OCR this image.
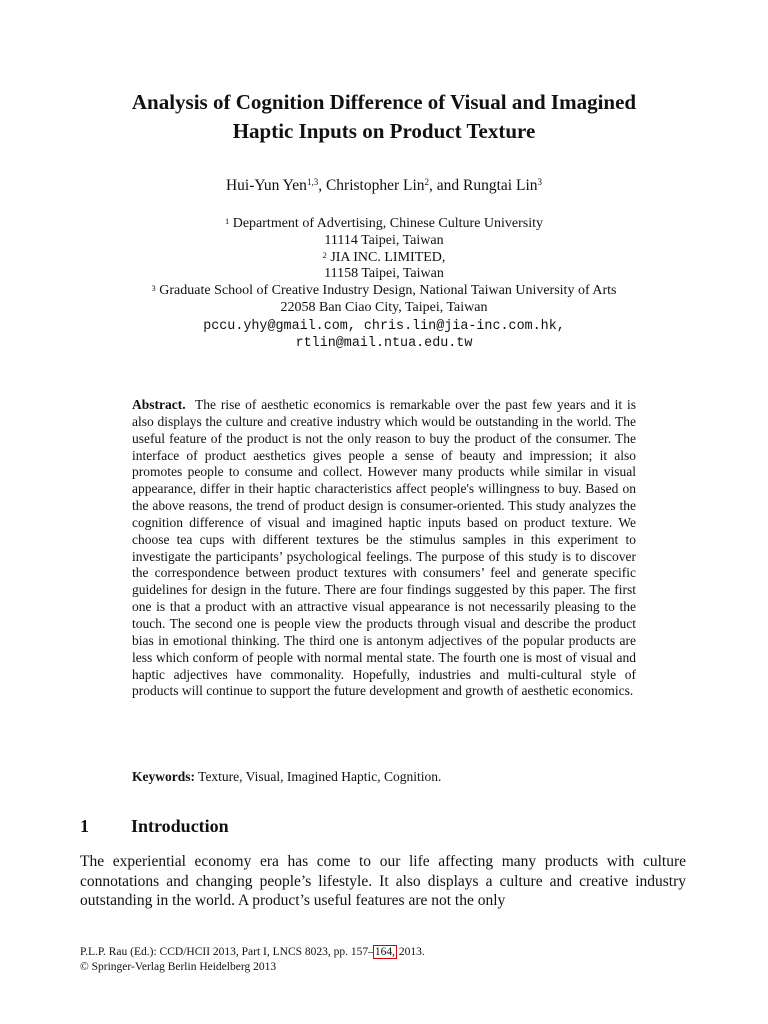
Analysis of Cognition Difference of Visual and Imagined
Haptic Inputs on Product Texture
Hui-Yun Yen$^{1,3}$, Christopher Lin$^2$, and Rungtai Lin$^3$
$^1$ Department of Advertising, Chinese Culture University
11114 Taipei, Taiwan
$^2$ JIA INC. LIMITED,
11158 Taipei, Taiwan
$^3$ Graduate School of Creative Industry Design, National Taiwan University of Arts
22058 Ban Ciao City, Taipei, Taiwan
pccu.yhy@gmail.com, chris.lin@jia-inc.com.hk,
rtlin@mail.ntua.edu.tw
Abstract. The rise of aesthetic economics is remarkable over the past few years and it is also displays the culture and creative industry which would be outstanding in the world. The useful feature of the product is not the only reason to buy the product of the consumer. The interface of product aesthetics gives people a sense of beauty and impression; it also promotes people to consume and collect. However many products while similar in visual appearance, differ in their haptic characteristics affect people's willingness to buy. Based on the above reasons, the trend of product design is consumer-oriented. This study analyzes the cognition difference of visual and imagined haptic inputs based on product texture. We choose tea cups with different textures be the stimulus samples in this experiment to investigate the participants’ psychological feelings. The purpose of this study is to discover the correspondence between product textures with consumers’ feel and generate specific guidelines for design in the future. There are four findings suggested by this paper. The first one is that a product with an attractive visual appearance is not necessarily pleasing to the touch. The second one is people view the products through visual and describe the product bias in emotional thinking. The third one is antonym adjectives of the popular products are less which conform of people with normal mental state. The fourth one is most of visual and haptic adjectives have commonality. Hopefully, industries and multi-cultural style of products will continue to support the future development and growth of aesthetic economics.
Keywords: Texture, Visual, Imagined Haptic, Cognition.
1 Introduction
The experiential economy era has come to our life affecting many products with culture connotations and changing people’s lifestyle. It also displays a culture and creative industry outstanding in the world. A product’s useful features are not the only
P.L.P. Rau (Ed.): CCD/HCII 2013, Part I, LNCS 8023, pp. 157–164, 2013.
© Springer-Verlag Berlin Heidelberg 2013
